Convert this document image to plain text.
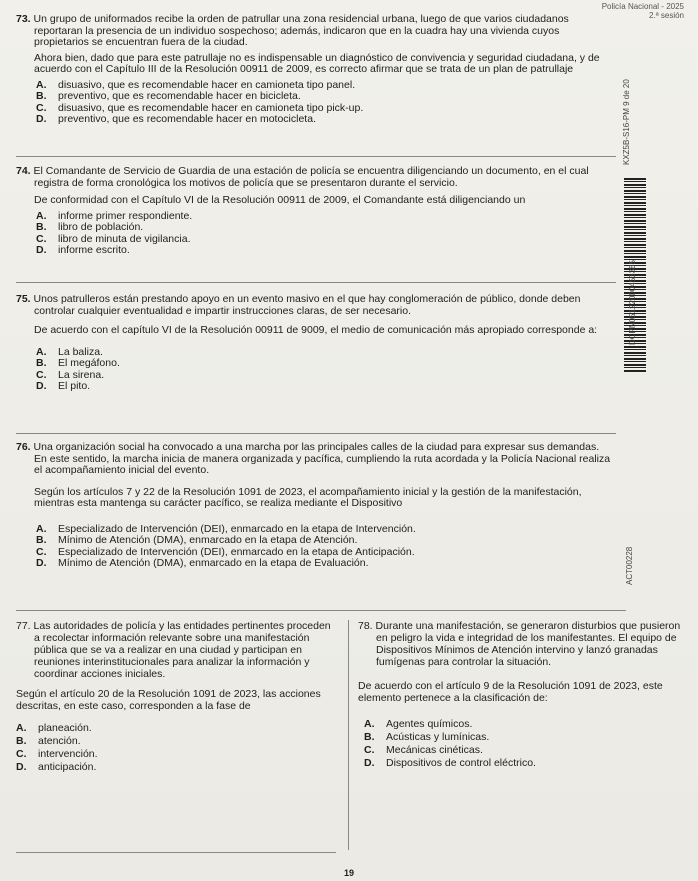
Policía Nacional - 2025
2.ª sesión
KXZ5B-S16-PM 9 de 20
DCPN05122000453385
ACT00228

73. Un grupo de uniformados recibe la orden de patrullar una zona residencial urbana, luego de que varios ciudadanos reportaran la presencia de un individuo sospechoso; además, indicaron que en la cuadra hay una vivienda cuyos propietarios se encuentran fuera de la ciudad.

Ahora bien, dado que para este patrullaje no es indispensable un diagnóstico de convivencia y seguridad ciudadana, y de acuerdo con el Capítulo III de la Resolución 00911 de 2009, es correcto afirmar que se trata de un plan de patrullaje

A.	disuasivo, que es recomendable hacer en camioneta tipo panel.
B.	preventivo, que es recomendable hacer en bicicleta.
C.	disuasivo, que es recomendable hacer en camioneta tipo pick-up.
D.	preventivo, que es recomendable hacer en motocicleta.

74. El Comandante de Servicio de Guardia de una estación de policía se encuentra diligenciando un documento, en el cual registra de forma cronológica los motivos de policía que se presentaron durante el servicio.

De conformidad con el Capítulo VI de la Resolución 00911 de 2009, el Comandante está diligenciando un

A.	informe primer respondiente.
B.	libro de población.
C.	libro de minuta de vigilancia.
D.	informe escrito.

75. Unos patrulleros están prestando apoyo en un evento masivo en el que hay conglomeración de público, donde deben controlar cualquier eventualidad e impartir instrucciones claras, de ser necesario.

De acuerdo con el capítulo VI de la Resolución 00911 de 9009, el medio de comunicación más apropiado corresponde a:

A.	La baliza.
B.	El megáfono.
C.	La sirena.
D.	El pito.

76. Una organización social ha convocado a una marcha por las principales calles de la ciudad para expresar sus demandas. En este sentido, la marcha inicia de manera organizada y pacífica, cumpliendo la ruta acordada y la Policía Nacional realiza el acompañamiento inicial del evento.

Según los artículos 7 y 22 de la Resolución 1091 de 2023, el acompañamiento inicial y la gestión de la manifestación, mientras esta mantenga su carácter pacífico, se realiza mediante el Dispositivo

A.	Especializado de Intervención (DEI), enmarcado en la etapa de Intervención.
B.	Mínimo de Atención (DMA), enmarcado en la etapa de Atención.
C.	Especializado de Intervención (DEI), enmarcado en la etapa de Anticipación.
D.	Mínimo de Atención (DMA), enmarcado en la etapa de Evaluación.

77. Las autoridades de policía y las entidades pertinentes proceden a recolectar información relevante sobre una manifestación pública que se va a realizar en una ciudad y participan en reuniones interinstitucionales para analizar la información y coordinar acciones iniciales.

Según el artículo 20 de la Resolución 1091 de 2023, las acciones descritas, en este caso, corresponden a la fase de

A.	planeación.
B.	atención.
C.	intervención.
D.	anticipación.

78. Durante una manifestación, se generaron disturbios que pusieron en peligro la vida e integridad de los manifestantes. El equipo de Dispositivos Mínimos de Atención intervino y lanzó granadas fumígenas para controlar la situación.

De acuerdo con el artículo 9 de la Resolución 1091 de 2023, este elemento pertenece a la clasificación de:

A.	Agentes químicos.
B.	Acústicas y lumínicas.
C.	Mecánicas cinéticas.
D.	Dispositivos de control eléctrico.
19
